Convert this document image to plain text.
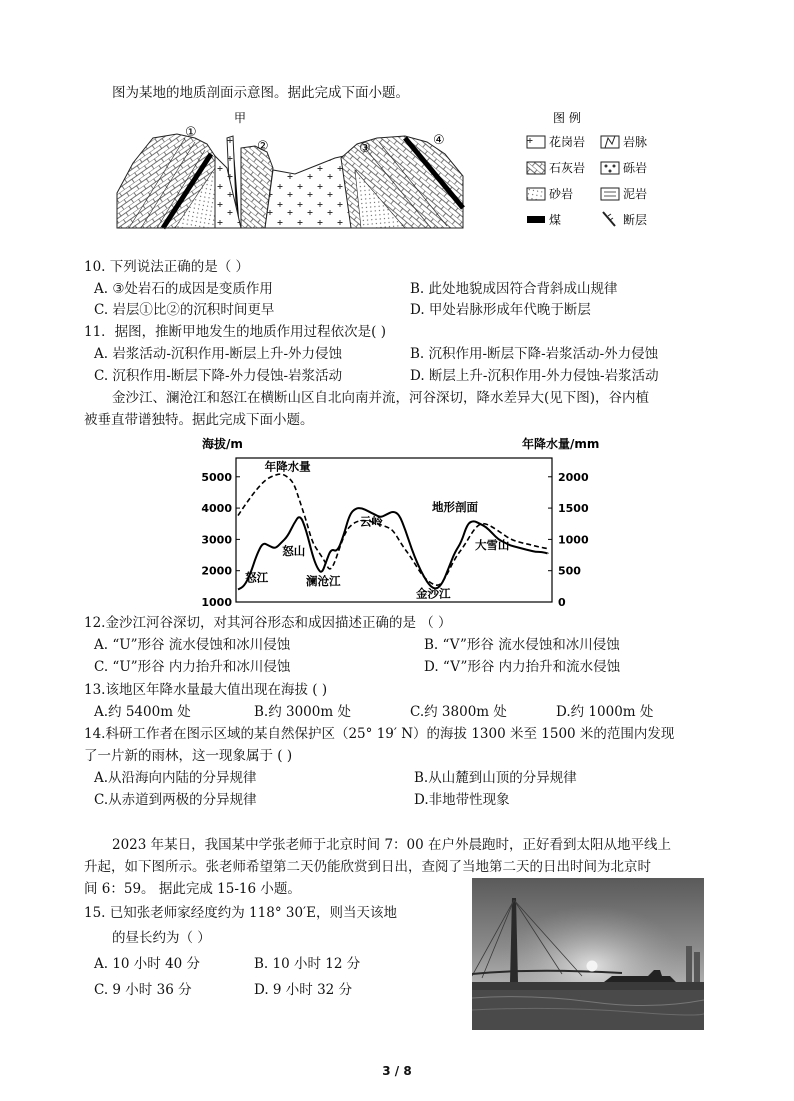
图为某地的地质剖面示意图。据此完成下面小题。
①
甲
②	③
④
图 例
花岗岩	岩脉
石灰岩	砾岩
砂岩	泥岩
煤	断层
10. 下列说法正确的是（ ）
A. ③处岩石的成因是变质作用	B. 此处地貌成因符合背斜成山规律
C. 岩层①比②的沉积时间更早	D. 甲处岩脉形成年代晚于断层
11．据图，推断甲地发生的地质作用过程依次是( )
A. 岩浆活动-沉积作用-断层上升-外力侵蚀	B. 沉积作用-断层下降-岩浆活动-外力侵蚀
C. 沉积作用-断层下降-外力侵蚀-岩浆活动	D. 断层上升-沉积作用-外力侵蚀-岩浆活动
金沙江、澜沧江和怒江在横断山区自北向南并流，河谷深切，降水差异大(见下图)，谷内植
被垂直带谱独特。据此完成下面小题。
海拔/m	年降水量/mm
5000
4000
3000
2000
1000
2000
1500
1000
500
0
年降水量
地形剖面
怒山
云岭
大雪山
怒江	澜沧江
金沙江
12.金沙江河谷深切，对其河谷形态和成因描述正确的是 （ ）
A. “U”形谷 流水侵蚀和冰川侵蚀	B. “V”形谷 流水侵蚀和冰川侵蚀
C. “U”形谷 内力抬升和冰川侵蚀	D. “V”形谷 内力抬升和流水侵蚀
13.该地区年降水量最大值出现在海拔 ( )
A.约 5400m 处	B.约 3000m 处	C.约 3800m 处	D.约 1000m 处
14.科研工作者在图示区域的某自然保护区（25° 19′ N）的海拔 1300 米至 1500 米的范围内发现
了一片新的雨林，这一现象属于 ( )
A.从沿海向内陆的分异规律	B.从山麓到山顶的分异规律
C.从赤道到两极的分异规律	D.非地带性现象
2023 年某日，我国某中学张老师于北京时间 7：00 在户外晨跑时，正好看到太阳从地平线上
升起，如下图所示。张老师希望第二天仍能欣赏到日出，查阅了当地第二天的日出时间为北京时
间 6：59。 据此完成 15-16 小题。
15. 已知张老师家经度约为 118° 30′E，则当天该地
的昼长约为（ ）
A. 10 小时 40 分	B. 10 小时 12 分
C. 9 小时 36 分	D. 9 小时 32 分
3 / 8
